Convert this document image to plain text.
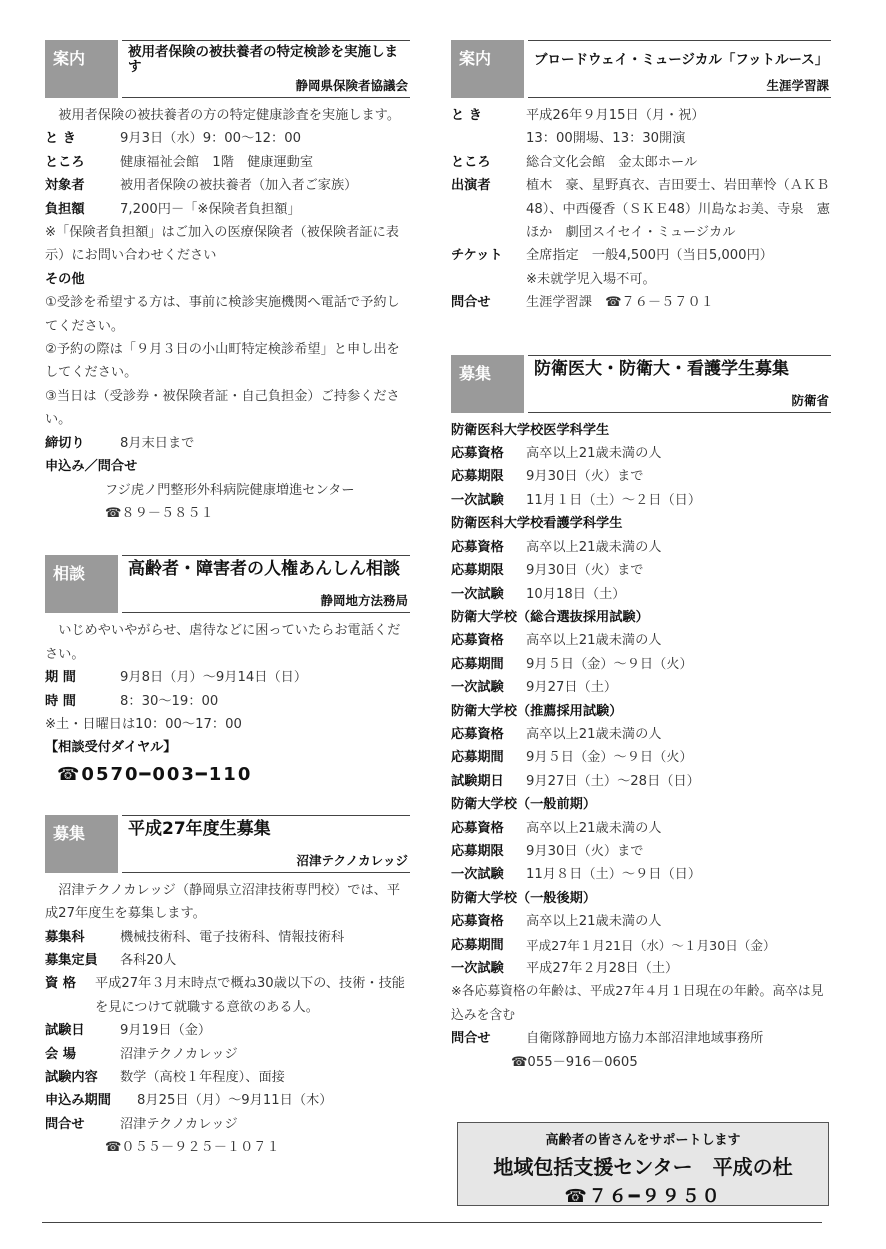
案内	被用者保険の被扶養者の特定検診を実施します
静岡県保険者協議会

被用者保険の被扶養者の方の特定健康診査を実施します。

と き	9月3日（水）9：00～12：00
ところ	健康福祉会館　1階　健康運動室
対象者	被用者保険の被扶養者（加入者ご家族）
負担額	7,200円－「※保険者負担額」

※「保険者負担額」はご加入の医療保険者（被保険者証に表示）にお問い合わせください

その他

①受診を希望する方は、事前に検診実施機関へ電話で予約してください。

②予約の際は「９月３日の小山町特定検診希望」と申し出をしてください。

③当日は（受診券・被保険者証・自己負担金）ご持参ください。

締切り	8月末日まで

申込み／問合せ

フジ虎ノ門整形外科病院健康増進センター
☎８９－５８５１
相談	高齢者・障害者の人権あんしん相談
静岡地方法務局

いじめやいやがらせ、虐待などに困っていたらお電話ください。

期 間	9月8日（月）～9月14日（日）
時 間	8：30～19：00

※土・日曜日は10：00～17：00

【相談受付ダイヤル】

☎0570━003━110
募集	平成27年度生募集
沼津テクノカレッジ

沼津テクノカレッジ（静岡県立沼津技術専門校）では、平成27年度生を募集します。

募集科	機械技術科、電子技術科、情報技術科
募集定員	各科20人
資 格	平成27年３月末時点で概ね30歳以下の、技術・技能を見につけて就職する意欲のある人。
試験日	9月19日（金）
会 場	沼津テクノカレッジ
試験内容	数学（高校１年程度）、面接
申込み期間	8月25日（月）～9月11日（木）
問合せ	沼津テクノカレッジ
☎０５５－９２５－１０７１
案内	ブロードウェイ・ミュージカル「フットルース」
生涯学習課
と き	平成26年９月15日（月・祝）
13：00開場、13：30開演
ところ	総合文化会館　金太郎ホール
出演者	植木　豪、星野真衣、吉田要士、岩田華怜（ＡＫＢ48）、中西優香（ＳＫＥ48）川島なお美、寺泉　憲ほか　劇団スイセイ・ミュージカル
チケット	全席指定　一般4,500円（当日5,000円）
※未就学児入場不可。
問合せ	生涯学習課　☎７６－５７０１
募集	防衛医大・防衛大・看護学生募集
防衛省

防衛医科大学校医学科学生

応募資格	高卒以上21歳未満の人
応募期限	9月30日（火）まで
一次試験	11月１日（土）～２日（日）

防衛医科大学校看護学科学生

応募資格	高卒以上21歳未満の人
応募期限	9月30日（火）まで
一次試験	10月18日（土）

防衛大学校（総合選抜採用試験）

応募資格	高卒以上21歳未満の人
応募期間	9月５日（金）～９日（火）
一次試験	9月27日（土）

防衛大学校（推薦採用試験）

応募資格	高卒以上21歳未満の人
応募期間	9月５日（金）～９日（火）
試験期日	9月27日（土）～28日（日）

防衛大学校（一般前期）

応募資格	高卒以上21歳未満の人
応募期限	9月30日（火）まで
一次試験	11月８日（土）～９日（日）

防衛大学校（一般後期）

応募資格	高卒以上21歳未満の人
応募期間	平成27年１月21日（水）～１月30日（金）
一次試験	平成27年２月28日（土）

※各応募資格の年齢は、平成27年４月１日現在の年齢。高卒は見込みを含む

問合せ	自衛隊静岡地方協力本部沼津地域事務所
☎055－916－0605
高齢者の皆さんをサポートします
地域包括支援センター　平成の杜
☎７６━９９５０
